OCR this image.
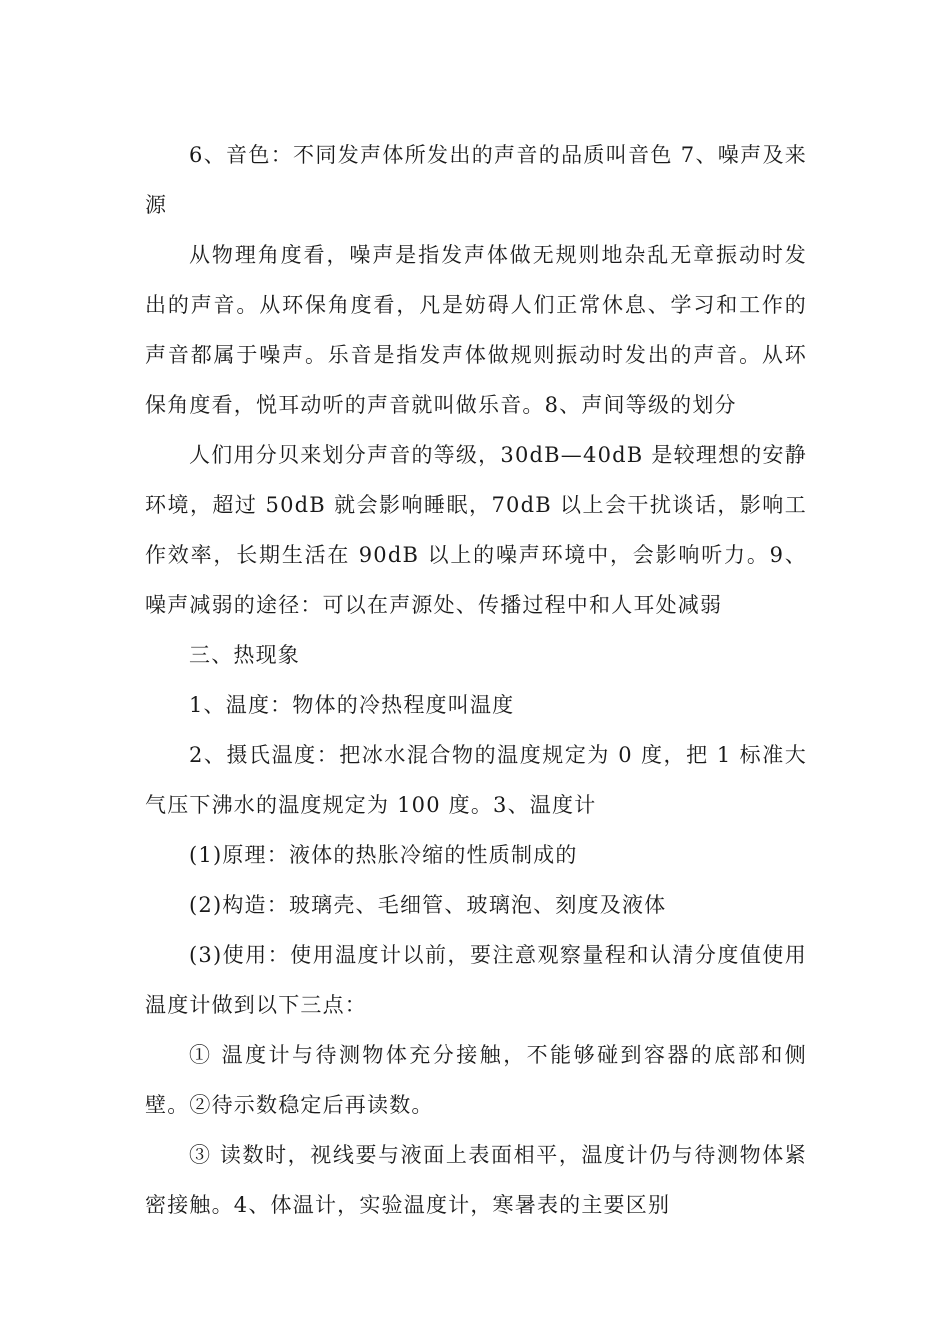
6、音色：不同发声体所发出的声音的品质叫音色 7、噪声及来源

从物理角度看，噪声是指发声体做无规则地杂乱无章振动时发出的声音。从环保角度看，凡是妨碍人们正常休息、学习和工作的声音都属于噪声。乐音是指发声体做规则振动时发出的声音。从环保角度看，悦耳动听的声音就叫做乐音。8、声间等级的划分

人们用分贝来划分声音的等级，30dB—40dB 是较理想的安静环境，超过 50dB 就会影响睡眠，70dB 以上会干扰谈话，影响工作效率，长期生活在 90dB 以上的噪声环境中，会影响听力。9、噪声减弱的途径：可以在声源处、传播过程中和人耳处减弱

三、热现象

1、温度：物体的冷热程度叫温度

2、摄氏温度：把冰水混合物的温度规定为 0 度，把 1 标准大气压下沸水的温度规定为 100 度。3、温度计

(1)原理：液体的热胀冷缩的性质制成的

(2)构造：玻璃壳、毛细管、玻璃泡、刻度及液体

(3)使用：使用温度计以前，要注意观察量程和认清分度值使用温度计做到以下三点：

① 温度计与待测物体充分接触，不能够碰到容器的底部和侧壁。②待示数稳定后再读数。

③ 读数时，视线要与液面上表面相平，温度计仍与待测物体紧密接触。4、体温计，实验温度计，寒暑表的主要区别
